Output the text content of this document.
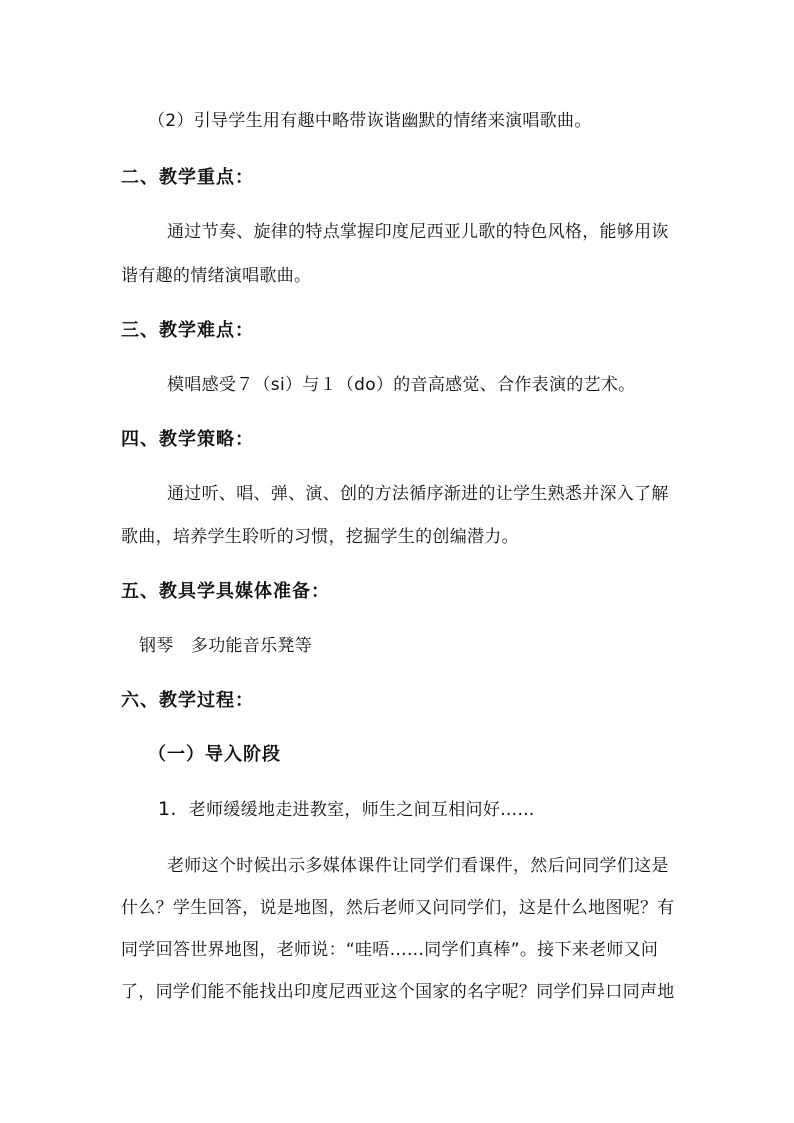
（2）引导学生用有趣中略带诙谐幽默的情绪来演唱歌曲。

二、教学重点：

通过节奏、旋律的特点掌握印度尼西亚儿歌的特色风格，能够用诙

谐有趣的情绪演唱歌曲。

三、教学难点：

模唱感受７（si）与１（do）的音高感觉、合作表演的艺术。

四、教学策略：

通过听、唱、弹、演、创的方法循序渐进的让学生熟悉并深入了解

歌曲，培养学生聆听的习惯，挖掘学生的创编潜力。

五、教具学具媒体准备：

钢琴　多功能音乐凳等

六、教学过程：
（一）导入阶段

1. 老师缓缓地走进教室，师生之间互相问好……

老师这个时候出示多媒体课件让同学们看课件，然后问同学们这是

什么？学生回答，说是地图，然后老师又问同学们，这是什么地图呢？有

同学回答世界地图，老师说：“哇唔……同学们真棒”。接下来老师又问

了，同学们能不能找出印度尼西亚这个国家的名字呢？同学们异口同声地
